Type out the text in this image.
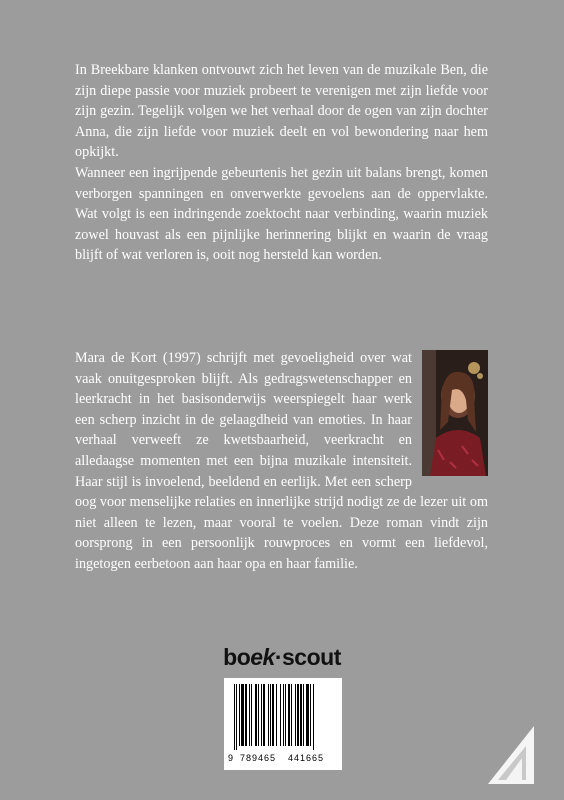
In Breekbare klanken ontvouwt zich het leven van de muzikale Ben, die zijn diepe passie voor muziek probeert te verenigen met zijn liefde voor zijn gezin. Tegelijk volgen we het verhaal door de ogen van zijn dochter Anna, die zijn liefde voor muziek deelt en vol bewondering naar hem opkijkt.

Wanneer een ingrijpende gebeurtenis het gezin uit balans brengt, komen verborgen spanningen en onverwerkte gevoelens aan de oppervlakte. Wat volgt is een indringende zoektocht naar verbinding, waarin muziek zowel houvast als een pijnlijke herinnering blijkt en waarin de vraag blijft of wat verloren is, ooit nog hersteld kan worden.

Mara de Kort (1997) schrijft met gevoeligheid over wat vaak onuitgesproken blijft. Als gedragswetenschapper en leerkracht in het basisonderwijs weerspiegelt haar werk een scherp inzicht in de gelaagdheid van emoties. In haar verhaal verweeft ze kwetsbaarheid, veerkracht en alledaagse momenten met een bijna muzikale intensiteit. Haar stijl is invoelend, beeldend en eerlijk. Met een scherp oog voor menselijke relaties en innerlijke strijd nodigt ze de lezer uit om niet alleen te lezen, maar vooral te voelen. Deze roman vindt zijn oorsprong in een persoonlijk rouwproces en vormt een liefdevol, ingetogen eerbetoon aan haar opa en haar familie.

boek·scout
9 789465 441665
